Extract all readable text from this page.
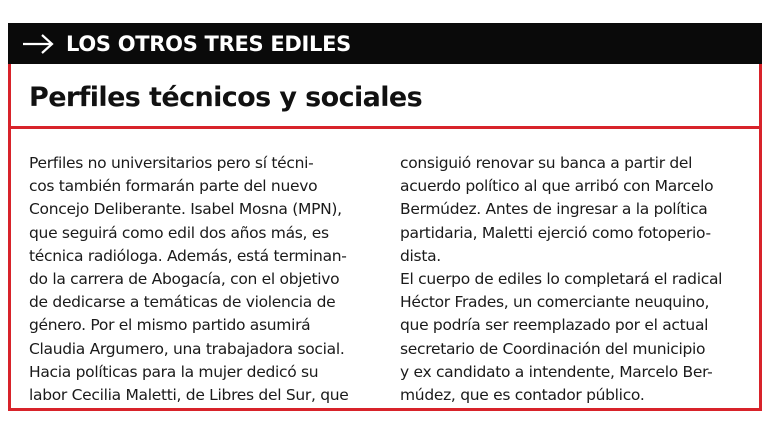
LOS OTROS TRES EDILES
Perfiles técnicos y sociales
Perfiles no universitarios pero sí técni-
cos también formarán parte del nuevo
Concejo Deliberante. Isabel Mosna (MPN),
que seguirá como edil dos años más, es
técnica radióloga. Además, está terminan-
do la carrera de Abogacía, con el objetivo
de dedicarse a temáticas de violencia de
género. Por el mismo partido asumirá
Claudia Argumero, una trabajadora social.
Hacia políticas para la mujer dedicó su
labor Cecilia Maletti, de Libres del Sur, que
consiguió renovar su banca a partir del
acuerdo político al que arribó con Marcelo
Bermúdez. Antes de ingresar a la política
partidaria, Maletti ejerció como fotoperio-
dista.
El cuerpo de ediles lo completará el radical
Héctor Frades, un comerciante neuquino,
que podría ser reemplazado por el actual
secretario de Coordinación del municipio
y ex candidato a intendente, Marcelo Ber-
múdez, que es contador público.
